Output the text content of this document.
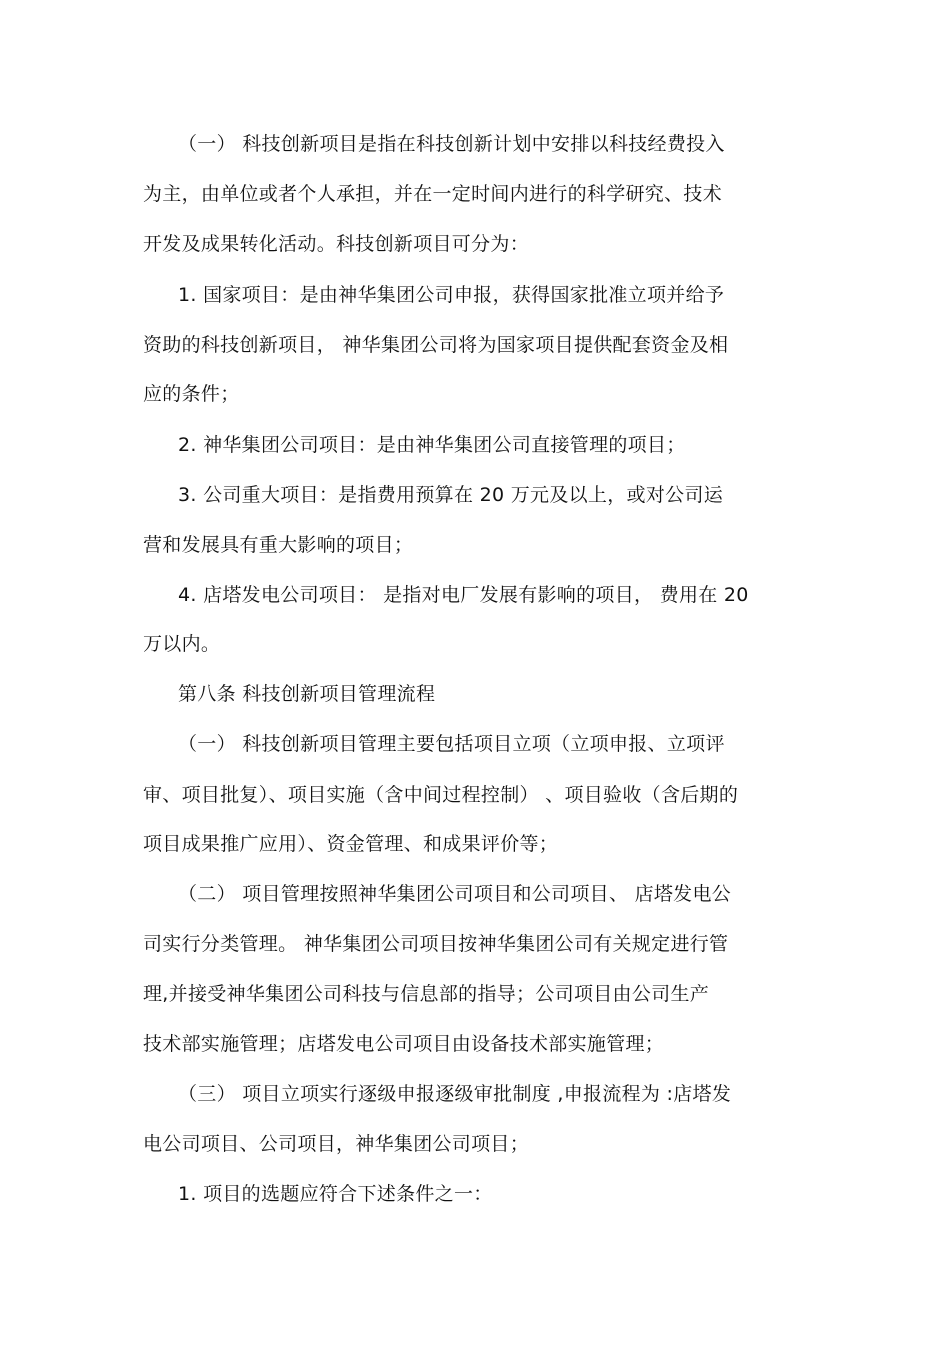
（一） 科技创新项目是指在科技创新计划中安排以科技经费投入
为主，由单位或者个人承担，并在一定时间内进行的科学研究、技术
开发及成果转化活动。科技创新项目可分为：
1. 国家项目：是由神华集团公司申报，获得国家批准立项并给予
资助的科技创新项目， 神华集团公司将为国家项目提供配套资金及相
应的条件；
2. 神华集团公司项目：是由神华集团公司直接管理的项目；
3. 公司重大项目：是指费用预算在 20 万元及以上，或对公司运
营和发展具有重大影响的项目；
4. 店塔发电公司项目： 是指对电厂发展有影响的项目， 费用在 20
万以内。
第八条 科技创新项目管理流程
（一） 科技创新项目管理主要包括项目立项（立项申报、立项评
审、项目批复）、项目实施（含中间过程控制） 、项目验收（含后期的
项目成果推广应用）、资金管理、和成果评价等；
（二） 项目管理按照神华集团公司项目和公司项目、 店塔发电公
司实行分类管理。 神华集团公司项目按神华集团公司有关规定进行管
理,并接受神华集团公司科技与信息部的指导；公司项目由公司生产
技术部实施管理；店塔发电公司项目由设备技术部实施管理；
（三） 项目立项实行逐级申报逐级审批制度 ,申报流程为 :店塔发
电公司项目、公司项目，神华集团公司项目；
1. 项目的选题应符合下述条件之一：
